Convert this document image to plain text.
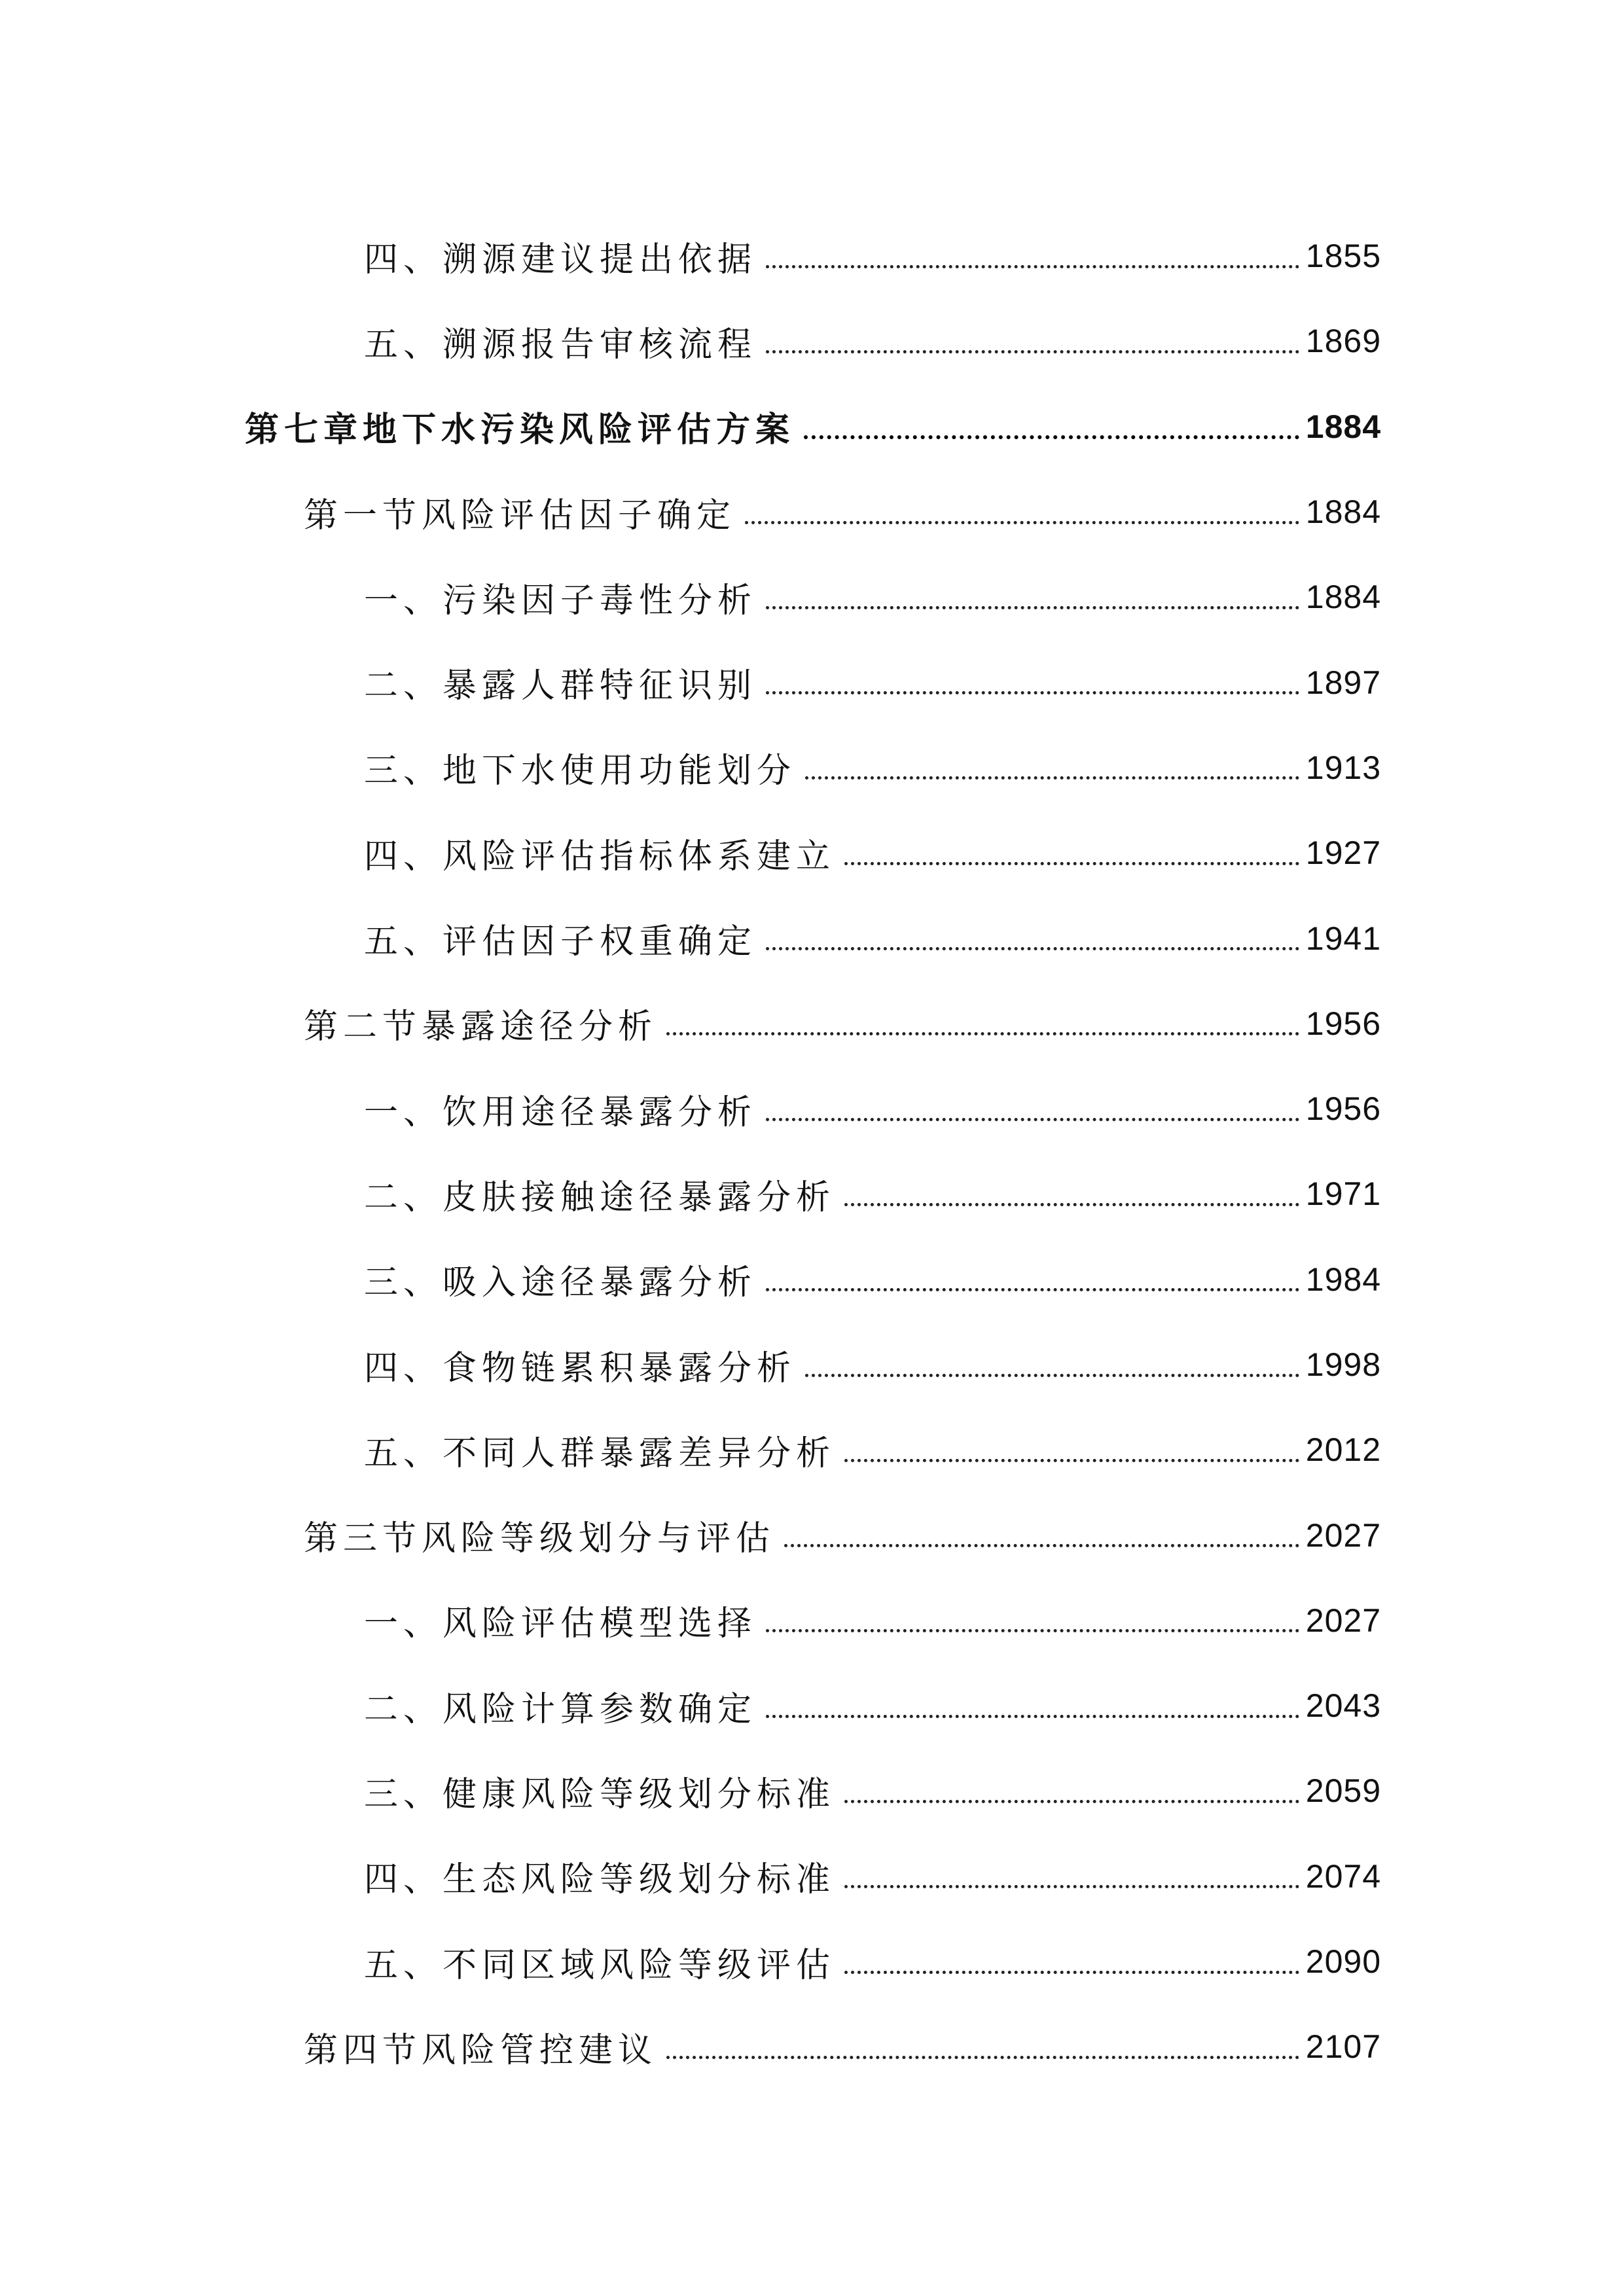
四、溯源建议提出依据	1855
五、溯源报告审核流程	1869
第七章地下水污染风险评估方案	1884
第一节风险评估因子确定	1884
一、污染因子毒性分析	1884
二、暴露人群特征识别	1897
三、地下水使用功能划分	1913
四、风险评估指标体系建立	1927
五、评估因子权重确定	1941
第二节暴露途径分析	1956
一、饮用途径暴露分析	1956
二、皮肤接触途径暴露分析	1971
三、吸入途径暴露分析	1984
四、食物链累积暴露分析	1998
五、不同人群暴露差异分析	2012
第三节风险等级划分与评估	2027
一、风险评估模型选择	2027
二、风险计算参数确定	2043
三、健康风险等级划分标准	2059
四、生态风险等级划分标准	2074
五、不同区域风险等级评估	2090
第四节风险管控建议	2107
